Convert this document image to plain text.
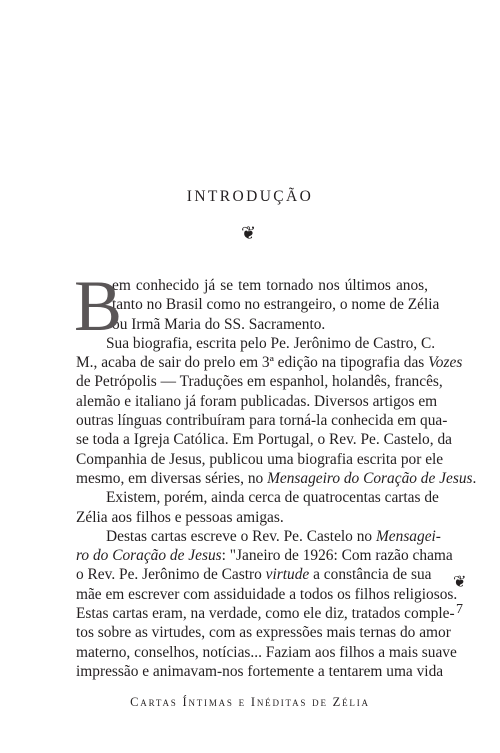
INTRODUÇÃO
❦
B
em conhecido já se tem tornado nos últimos anos,
tanto no Brasil como no estrangeiro, o nome de Zélia
ou Irmã Maria do SS. Sacramento.
Sua biografia, escrita pelo Pe. Jerônimo de Castro, C.
M., acaba de sair do prelo em 3ª edição na tipografia das Vozes
de Petrópolis — Traduções em espanhol, holandês, francês,
alemão e italiano já foram publicadas. Diversos artigos em
outras línguas contribuíram para torná-la conhecida em qua-
se toda a Igreja Católica. Em Portugal, o Rev. Pe. Castelo, da
Companhia de Jesus, publicou uma biografia escrita por ele
mesmo, em diversas séries, no Mensageiro do Coração de Jesus.
Existem, porém, ainda cerca de quatrocentas cartas de
Zélia aos filhos e pessoas amigas.
Destas cartas escreve o Rev. Pe. Castelo no Mensagei-
ro do Coração de Jesus: "Janeiro de 1926: Com razão chama
o Rev. Pe. Jerônimo de Castro virtude a constância de sua
mãe em escrever com assiduidade a todos os filhos religiosos.
Estas cartas eram, na verdade, como ele diz, tratados comple-
tos sobre as virtudes, com as expressões mais ternas do amor
materno, conselhos, notícias... Faziam aos filhos a mais suave
impressão e animavam-nos fortemente a tentarem uma vida
❦
7
Cartas Íntimas e Inéditas de Zélia
